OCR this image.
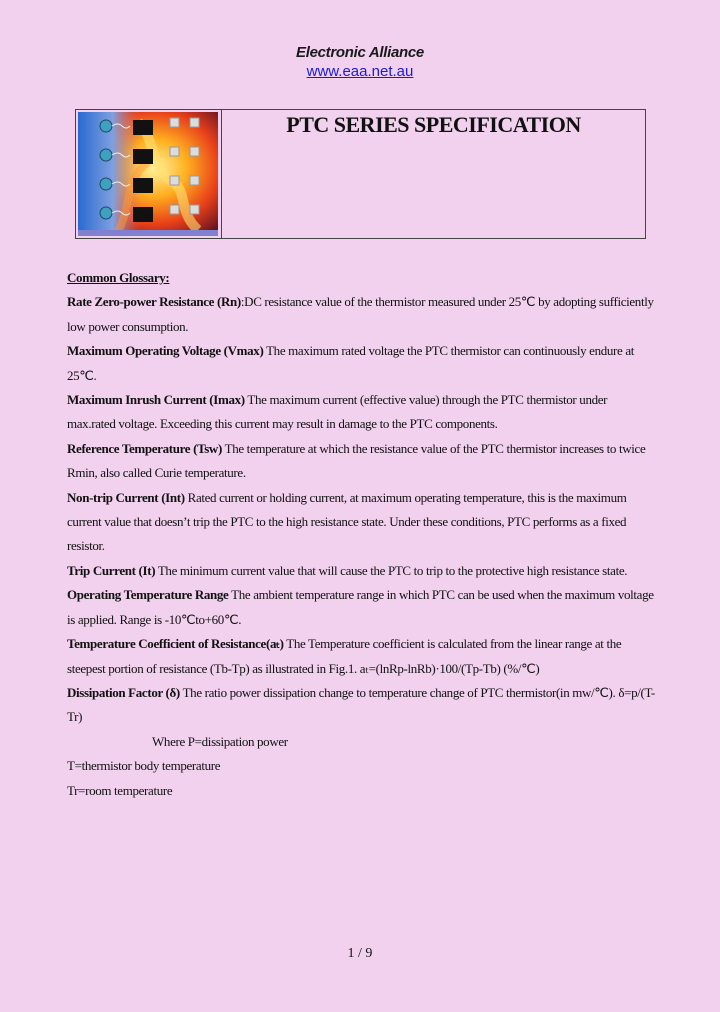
Electronic Alliance
www.eaa.net.au
PTC SERIES SPECIFICATION

Common Glossary:

Rate Zero-power Resistance (Rn):DC resistance value of the thermistor measured under 25℃ by adopting sufficiently low power consumption.

Maximum Operating Voltage (Vmax) The maximum rated voltage the PTC thermistor can continuously endure at 25℃.

Maximum Inrush Current (Imax) The maximum current (effective value) through the PTC thermistor under max.rated voltage. Exceeding this current may result in damage to the PTC components.

Reference Temperature (Tsw) The temperature at which the resistance value of the PTC thermistor increases to twice Rmin, also called Curie temperature.

Non-trip Current (Int) Rated current or holding current, at maximum operating temperature, this is the maximum current value that doesn’t trip the PTC to the high resistance state. Under these conditions, PTC performs as a fixed resistor.

Trip Current (It) The minimum current value that will cause the PTC to trip to the protective high resistance state.

Operating Temperature Range The ambient temperature range in which PTC can be used when the maximum voltage is applied. Range is -10℃to+60℃.

Temperature Coefficient of Resistance(aₜ) The Temperature coefficient is calculated from the linear range at the steepest portion of resistance (Tb-Tp) as illustrated in Fig.1. aₜ=(lnRp-lnRb)·100/(Tp-Tb) (%/℃)

Dissipation Factor (δ) The ratio power dissipation change to temperature change of PTC thermistor(in mw/℃). δ=p/(T-Tr)

Where P=dissipation power

T=thermistor body temperature

Tr=room temperature

1 / 9
